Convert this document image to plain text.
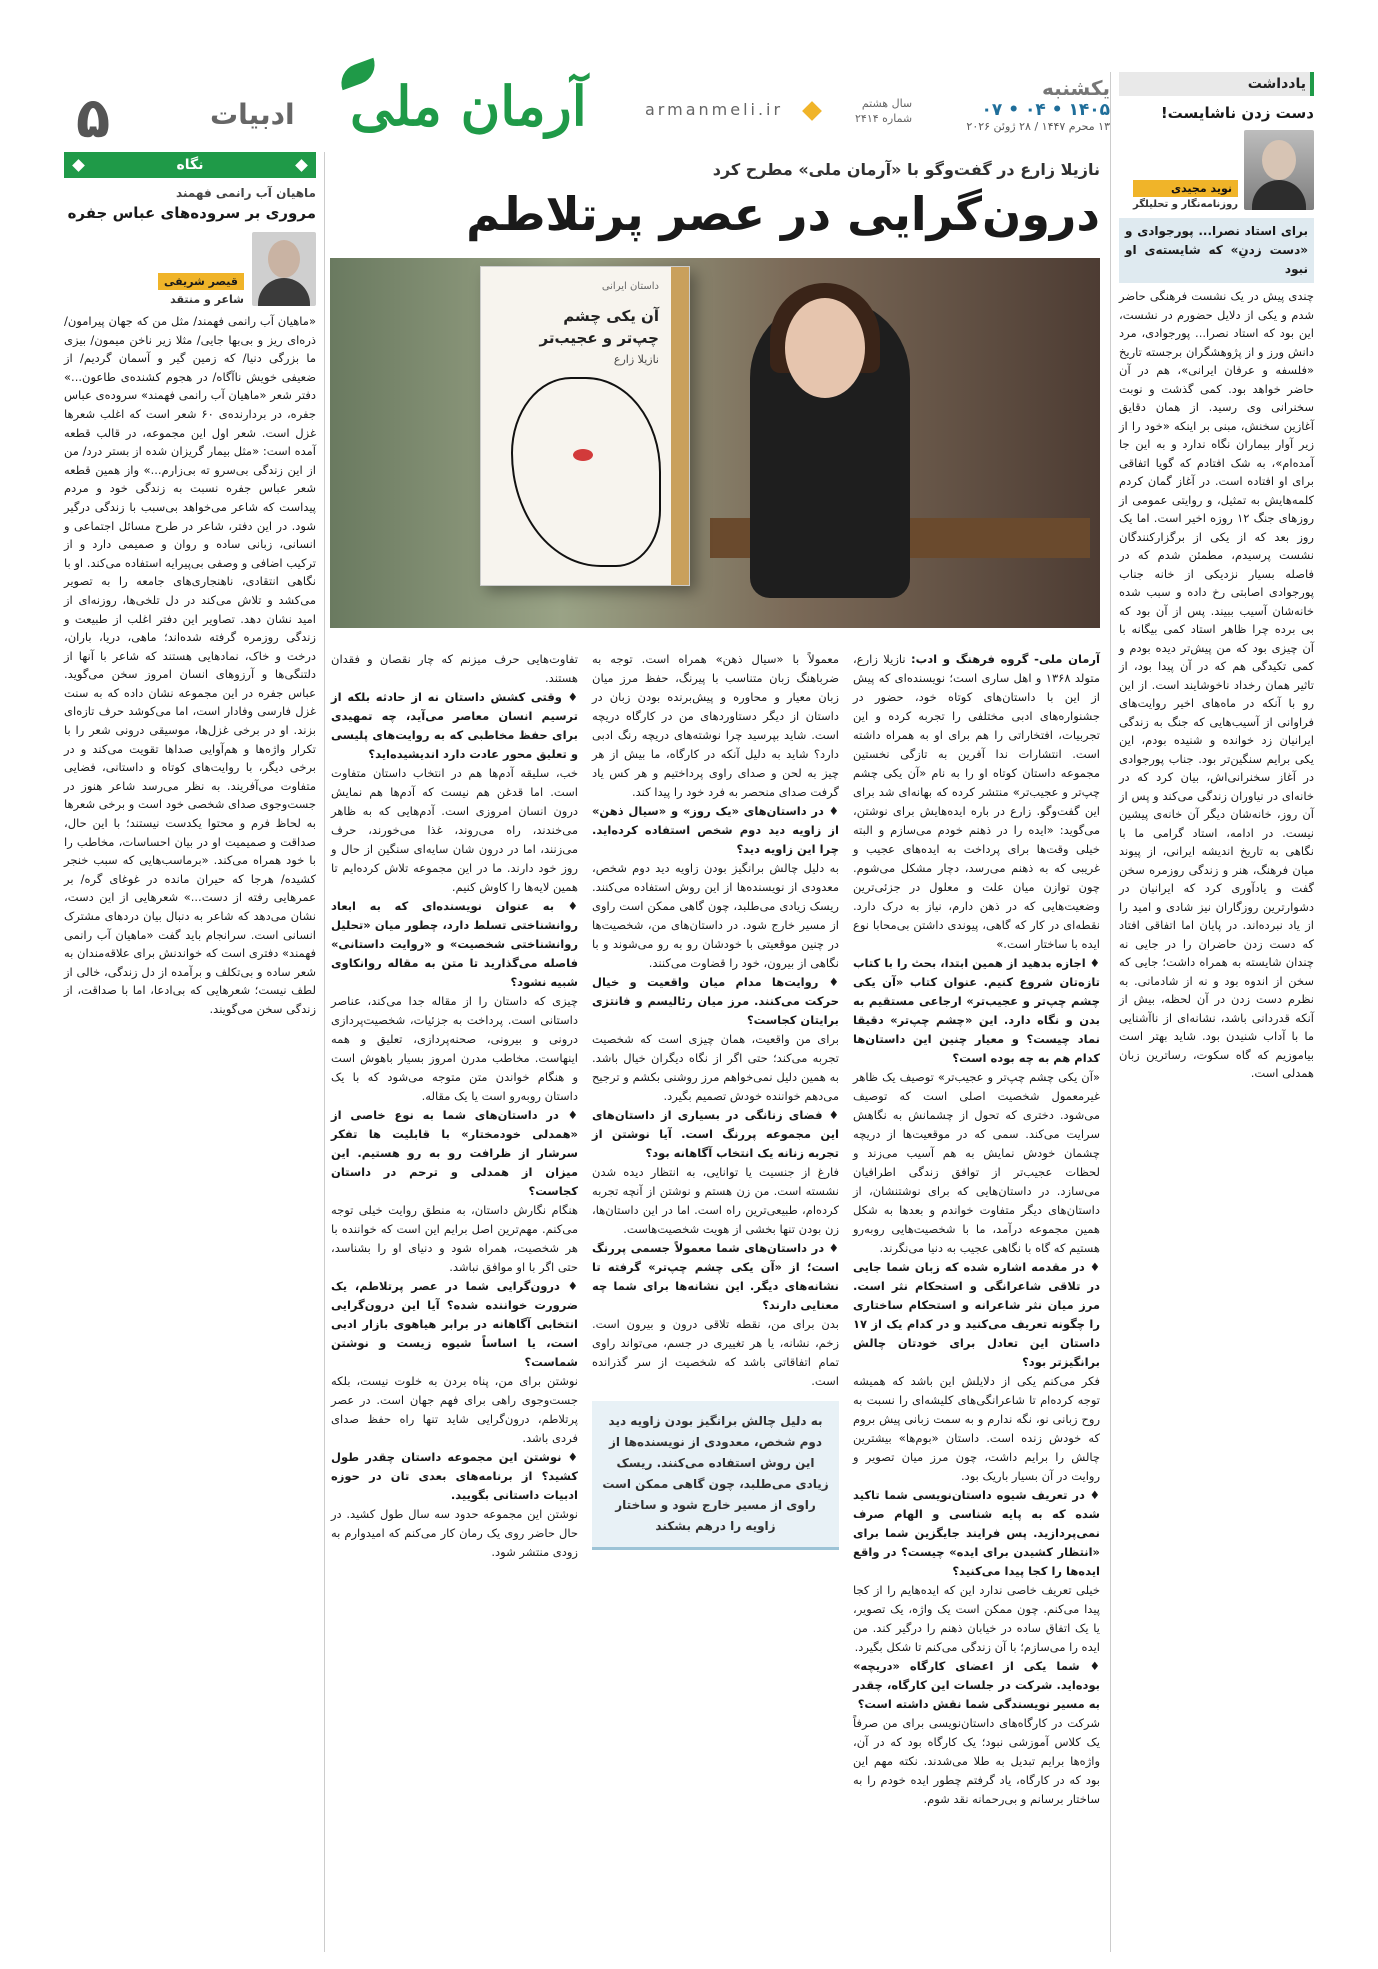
۵	ادبیات آرمان ملی	armanmeli.ir	سال هشتم
شماره ۲۴۱۴
یکشنبه
۱۴۰۵ • ۰۴ • ۰۷
۱۳ محرم ۱۴۴۷ / ۲۸ ژوئن ۲۰۲۶
یادداشت
دست زدن ناشایست!
نوید مجیدی
روزنامه‌نگار و تحلیلگر
برای استاد نصرا... پورجوادی و «دست زدنِ» که شایسته‌ی او نبود
چندی پیش در یک نشست فرهنگی حاضر شدم و یکی از دلایل حضورم در نشست، این بود که استاد نصرا... پورجوادی، مرد دانش ورز و از پژوهشگران برجسته تاریخ «فلسفه و عرفان ایرانی»، هم در آن حاضر خواهد بود. کمی گذشت و نوبت سخنرانی وی رسید. از همان دقایق آغازین سخنش، مبنی بر اینکه «خود را از زیر آوار بیماران نگاه ندارد و به این جا آمده‌ام»، به شک افتادم که گویا اتفاقی برای او افتاده است. در آغاز گمان کردم کلمه‌هایش به تمثیل، و روایتی عمومی از روزهای جنگ ۱۲ روزه اخیر است. اما یک روز بعد که از یکی از برگزارکنندگان نشست پرسیدم، مطمئن شدم که در فاصله بسیار نزدیکی از خانه جناب پورجوادی اصابتی رخ داده و سبب شده خانه‌شان آسیب ببیند. پس از آن بود که بی برده چرا ظاهر استاد کمی بیگانه با آن چیزی بود که من پیش‌تر دیده بودم و کمی تکیدگی هم که در آن پیدا بود، از تاثیر همان رخداد ناخوشایند است. از این رو با آنکه در ماه‌های اخیر روایت‌های فراوانی از آسیب‌هایی که جنگ به زندگی ایرانیان زد خوانده و شنیده بودم، این یکی برایم سنگین‌تر بود. جناب پورجوادی در آغاز سخنرانی‌اش، بیان کرد که در خانه‌ای در نیاوران زندگی می‌کند و پس از آن روز، خانه‌شان دیگر آن خانه‌ی پیشین نیست. در ادامه، استاد گرامی ما با نگاهی به تاریخ اندیشه ایرانی، از پیوند میان فرهنگ، هنر و زندگی روزمره سخن گفت و یادآوری کرد که ایرانیان در دشوارترین روزگاران نیز شادی و امید را از یاد نبرده‌اند. در پایان اما اتفاقی افتاد که دست زدن حاضران را در جایی نه چندان شایسته به همراه داشت؛ جایی که سخن از اندوه بود و نه از شادمانی. به نظرم دست زدن در آن لحظه، بیش از آنکه قدردانی باشد، نشانه‌ای از ناآشنایی ما با آداب شنیدن بود. شاید بهتر است بیاموزیم که گاه سکوت، رساترین زبان همدلی است.
نازیلا زارع در گفت‌وگو با «آرمان ملی» مطرح کرد
درون‌گرایی در عصر پرتلاطم
داستان ایرانی
آن یکی چشم
چپ‌تر و عجیب‌تر
نازیلا زارع

آرمان ملی- گروه فرهنگ و ادب: نازیلا زارع، متولد ۱۳۶۸ و اهل ساری است؛ نویسنده‌ای که پیش از این با داستان‌های کوتاه خود، حضور در جشنواره‌های ادبی مختلفی را تجربه کرده و این تجربیات، افتخاراتی را هم برای او به همراه داشته است. انتشارات ندا آفرین به تازگی نخستین مجموعه داستان کوتاه او را به نام «آن یکی چشم چپ‌تر و عجیب‌تر» منتشر کرده که بهانه‌ای شد برای این گفت‌وگو. زارع در باره ایده‌هایش برای نوشتن، می‌گوید: «ایده را در ذهنم خودم می‌سازم و البته خیلی وقت‌ها برای پرداخت به ایده‌های عجیب و غریبی که به ذهنم می‌رسد، دچار مشکل می‌شوم. چون توازن میان علت و معلول در جزئی‌ترین وضعیت‌هایی که در ذهن دارم، نیاز به درک دارد. نقطه‌ای در کار که گاهی، پیوندی داشتن بی‌محابا نوع ایده با ساختار است.»

♦ اجازه بدهید از همین ابتدا، بحث را با کتاب تازه‌تان شروع کنیم. عنوان کتاب «آن یکی چشم چپ‌تر و عجیب‌تر» ارجاعی مستقیم به بدن و نگاه دارد. این «چشم چپ‌تر» دقیقا نماد چیست؟ و معیار چنین این داستان‌ها کدام هم به چه بوده است؟

«آن یکی چشم چپ‌تر و عجیب‌تر» توصیف یک ظاهر غیرمعمول شخصیت اصلی است که توصیف می‌شود. دختری که تحول از چشمانش به نگاهش سرایت می‌کند. سمی که در موقعیت‌ها از دریچه چشمان خودش نمایش به هم آسیب می‌زند و لحظات عجیب‌تر از توافق زندگی اطرافیان می‌سازد. در داستان‌هایی که برای نوشتنشان، از داستان‌های دیگر متفاوت خواندم و بعدها به شکل همین مجموعه درآمد، ما با شخصیت‌هایی روبه‌رو هستیم که گاه با نگاهی عجیب به دنیا می‌نگرند.

♦ در مقدمه اشاره شده که زبان شما جایی در تلاقی شاعرانگی و استحکام نثر است. مرز میان نثر شاعرانه و استحکام ساختاری را چگونه تعریف می‌کنید و در کدام یک از ۱۷ داستان این تعادل برای خودتان چالش برانگیزتر بود؟

فکر می‌کنم یکی از دلایلش این باشد که همیشه توجه کرده‌ام تا شاعرانگی‌های کلیشه‌ای را نسبت به روح زبانی نو، نگه ندارم و به سمت زبانی پیش بروم که خودش زنده است. داستان «بوم‌ها» بیشترین چالش را برایم داشت، چون مرز میان تصویر و روایت در آن بسیار باریک بود.

♦ در تعریف شیوه داستان‌نویسی شما تاکید شده که به پایه شناسی و الهام صرف نمی‌پردازید. پس فرایند جایگزین شما برای «انتظار کشیدن برای ایده» چیست؟ در واقع ایده‌ها را کجا پیدا می‌کنید؟

خیلی تعریف خاصی ندارد این که ایده‌هایم را از کجا پیدا می‌کنم. چون ممکن است یک واژه، یک تصویر، یا یک اتفاق ساده در خیابان ذهنم را درگیر کند. من ایده را می‌سازم؛ با آن زندگی می‌کنم تا شکل بگیرد.

♦ شما یکی از اعضای کارگاه «دریچه» بوده‌اید. شرکت در جلسات این کارگاه، چقدر به مسیر نویسندگی شما نقش داشته است؟

شرکت در کارگاه‌های داستان‌نویسی برای من صرفاً یک کلاس آموزشی نبود؛ یک کارگاه بود که در آن، واژه‌ها برایم تبدیل به طلا می‌شدند. نکته مهم این بود که در کارگاه، یاد گرفتم چطور ایده خودم را به ساختار برسانم و بی‌رحمانه نقد شوم.

معمولاً با «سیال ذهن» همراه است. توجه به ضرباهنگ زبان متناسب با پیرنگ، حفظ مرز میان زبان معیار و محاوره و پیش‌برنده بودن زبان در داستان از دیگر دستاوردهای من در کارگاه دریچه است. شاید بپرسید چرا نوشته‌های دریچه رنگ ادبی دارد؟ شاید به دلیل آنکه در کارگاه، ما بیش از هر چیز به لحن و صدای راوی پرداختیم و هر کس یاد گرفت صدای منحصر به فرد خود را پیدا کند.

♦ در داستان‌های «یک روز» و «سیال ذهن» از زاویه دید دوم شخص استفاده کرده‌اید. چرا این زاویه دید؟

به دلیل چالش برانگیز بودن زاویه دید دوم شخص، معدودی از نویسنده‌ها از این روش استفاده می‌کنند. ریسک زیادی می‌طلبد، چون گاهی ممکن است راوی از مسیر خارج شود. در داستان‌های من، شخصیت‌ها در چنین موقعیتی با خودشان رو به رو می‌شوند و با نگاهی از بیرون، خود را قضاوت می‌کنند.

♦ روایت‌ها مدام میان واقعیت و خیال حرکت می‌کنند. مرز میان رئالیسم و فانتزی برایتان کجاست؟

برای من واقعیت، همان چیزی است که شخصیت تجربه می‌کند؛ حتی اگر از نگاه دیگران خیال باشد. به همین دلیل نمی‌خواهم مرز روشنی بکشم و ترجیح می‌دهم خواننده خودش تصمیم بگیرد.

♦ فضای زنانگی در بسیاری از داستان‌های این مجموعه پررنگ است. آیا نوشتن از تجربه زنانه یک انتخاب آگاهانه بود؟

فارغ از جنسیت یا توانایی، به انتظار دیده شدن نشسته است. من زن هستم و نوشتن از آنچه تجربه کرده‌ام، طبیعی‌ترین راه است. اما در این داستان‌ها، زن بودن تنها بخشی از هویت شخصیت‌هاست.

♦ در داستان‌های شما معمولاً جسمی پررنگ است؛ از «آن یکی چشم چپ‌تر» گرفته تا نشانه‌های دیگر. این نشانه‌ها برای شما چه معنایی دارند؟

بدن برای من، نقطه تلاقی درون و بیرون است. زخم، نشانه، یا هر تغییری در جسم، می‌تواند راوی تمام اتفاقاتی باشد که شخصیت از سر گذرانده است.

به دلیل چالش برانگیز بودن زاویه دید دوم شخص، معدودی از نویسنده‌ها از این روش استفاده می‌کنند. ریسک زیادی می‌طلبد، چون گاهی ممکن است راوی از مسیر خارج شود و ساختار زاویه را درهم بشکند

تفاوت‌هایی حرف میزنم که چار نقصان و فقدان هستند.

♦ وقتی کشش داستان نه از حادثه بلکه از ترسیم انسان معاصر می‌آید، چه تمهیدی برای حفظ مخاطبی که به روایت‌های پلیسی و تعلیق محور عادت دارد اندیشیده‌اید؟

خب، سلیقه آدم‌ها هم در انتخاب داستان متفاوت است. اما قدغن هم نیست که آدم‌ها هم نمایش درون انسان امروزی است. آدم‌هایی که به ظاهر می‌خندند، راه می‌روند، غذا می‌خورند، حرف می‌زنند، اما در درون شان سایه‌ای سنگین از حال و روز خود دارند. ما در این مجموعه تلاش کرده‌ایم تا همین لایه‌ها را کاوش کنیم.

♦ به عنوان نویسنده‌ای که به ابعاد روانشناختی تسلط دارد، چطور میان «تحلیل روانشناختی شخصیت» و «روایت داستانی» فاصله می‌گذارید تا متن به مقاله روانکاوی شبیه نشود؟

چیزی که داستان را از مقاله جدا می‌کند، عناصر داستانی است. پرداخت به جزئیات، شخصیت‌پردازی درونی و بیرونی، صحنه‌پردازی، تعلیق و همه اینهاست. مخاطب مدرن امروز بسیار باهوش است و هنگام خواندن متن متوجه می‌شود که با یک داستان روبه‌رو است یا یک مقاله.

♦ در داستان‌های شما به نوع خاصی از «همدلی خودمختار» با قابلیت ها تفکر سرشار از ظرافت رو به رو هستیم. این میزان از همدلی و ترحم در داستان کجاست؟

هنگام نگارش داستان، به منطق روایت خیلی توجه می‌کنم. مهم‌ترین اصل برایم این است که خواننده با هر شخصیت، همراه شود و دنیای او را بشناسد، حتی اگر با او موافق نباشد.

♦ درون‌گرایی شما در عصر پرتلاطم، یک ضرورت خواننده شده؟ آیا این درون‌گرایی انتخابی آگاهانه در برابر هیاهوی بازار ادبی است، یا اساساً شیوه زیست و نوشتن شماست؟

نوشتن برای من، پناه بردن به خلوت نیست، بلکه جست‌وجوی راهی برای فهم جهان است. در عصر پرتلاطم، درون‌گرایی شاید تنها راه حفظ صدای فردی باشد.

♦ نوشتن این مجموعه داستان چقدر طول کشید؟ از برنامه‌های بعدی تان در حوزه ادبیات داستانی بگویید.

نوشتن این مجموعه حدود سه سال طول کشید. در حال حاضر روی یک رمان کار می‌کنم که امیدوارم به زودی منتشر شود.

نگاه
ماهیان آب رانمی فهمند
مروری بر سروده‌های عباس جفره
قیصر شریفی
شاعر و منتقد
«ماهیان آب رانمی فهمند/ مثل من که جهان پیرامون/ ذره‌ای ریز و بی‌بها جایی/ مثلا زیر ناخن میمون/ بیزی ما بزرگی دنیا/ که زمین گیر و آسمان گردیم/ از ضعیفی خویش ناآگاه/ در هجوم کشنده‌ی طاعون...» دفتر شعر «ماهیان آب رانمی فهمند» سروده‌ی عباس جفره، در بردارنده‌ی ۶۰ شعر است که اغلب شعرها غزل است. شعر اول این مجموعه، در قالب قطعه آمده است: «مثل بیمار گریزان شده از بستر درد/ من از این زندگی بی‌سرو ته بی‌زارم...» واز همین قطعه شعر عباس جفره نسبت به زندگی خود و مردم پیداست که شاعر می‌خواهد بی‌سبب با زندگی درگیر شود. در این دفتر، شاعر در طرح مسائل اجتماعی و انسانی، زبانی ساده و روان و صمیمی دارد و از ترکیب اضافی و وصفی بی‌پیرایه استفاده می‌کند. او با نگاهی انتقادی، ناهنجاری‌های جامعه را به تصویر می‌کشد و تلاش می‌کند در دل تلخی‌ها، روزنه‌ای از امید نشان دهد. تصاویر این دفتر اغلب از طبیعت و زندگی روزمره گرفته شده‌اند؛ ماهی، دریا، باران، درخت و خاک، نمادهایی هستند که شاعر با آنها از دلتنگی‌ها و آرزوهای انسان امروز سخن می‌گوید. عباس جفره در این مجموعه نشان داده که به سنت غزل فارسی وفادار است، اما می‌کوشد حرف تازه‌ای بزند. او در برخی غزل‌ها، موسیقی درونی شعر را با تکرار واژه‌ها و هم‌آوایی صداها تقویت می‌کند و در برخی دیگر، با روایت‌های کوتاه و داستانی، فضایی متفاوت می‌آفریند. به نظر می‌رسد شاعر هنوز در جست‌وجوی صدای شخصی خود است و برخی شعرها به لحاظ فرم و محتوا یکدست نیستند؛ با این حال، صداقت و صمیمیت او در بیان احساسات، مخاطب را با خود همراه می‌کند. «برماسب‌هایی که سبب خنجر کشیده/ هرجا که حیران مانده در غوغای گره/ بر عمرهایی رفته از دست...» شعرهایی از این دست، نشان می‌دهد که شاعر به دنبال بیان دردهای مشترک انسانی است. سرانجام باید گفت «ماهیان آب رانمی فهمند» دفتری است که خواندنش برای علاقه‌مندان به شعر ساده و بی‌تکلف و برآمده از دل زندگی، خالی از لطف نیست؛ شعرهایی که بی‌ادعا، اما با صداقت، از زندگی سخن می‌گویند.
